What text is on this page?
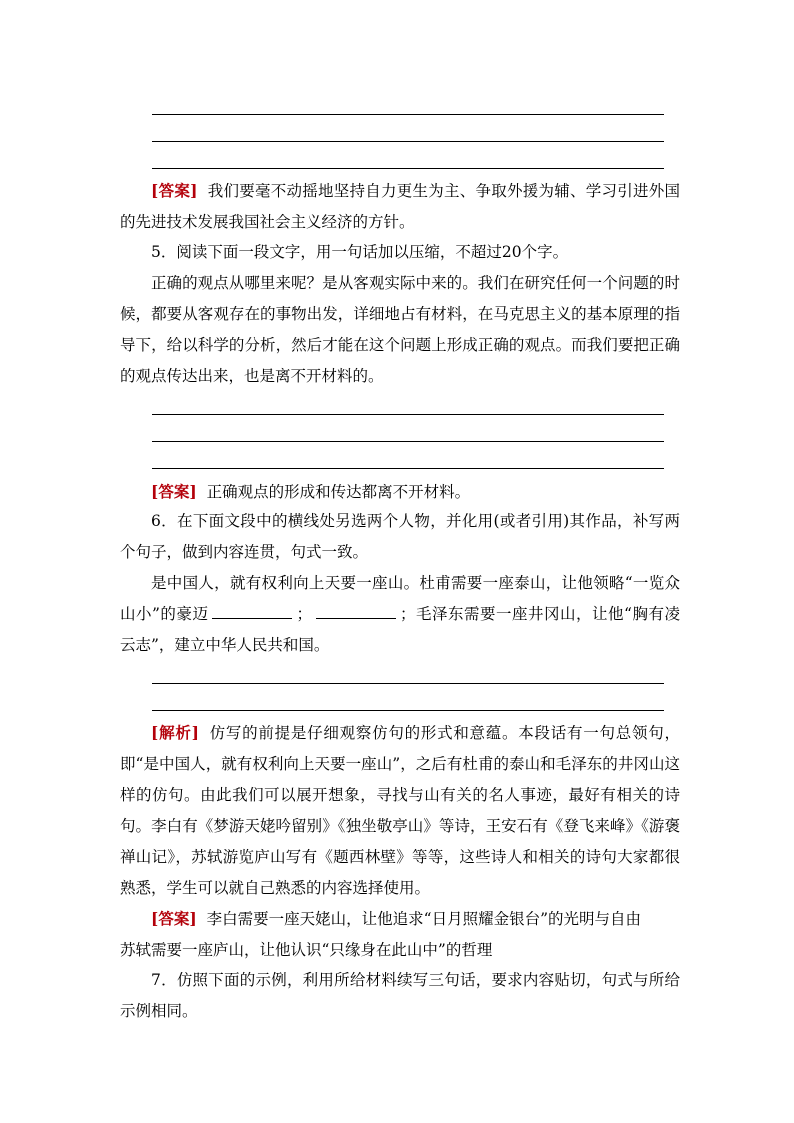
[答案] 我们要毫不动摇地坚持自力更生为主、争取外援为辅、学习引进外国的先进技术发展我国社会主义经济的方针。

5．阅读下面一段文字，用一句话加以压缩，不超过20个字。

正确的观点从哪里来呢？是从客观实际中来的。我们在研究任何一个问题的时候，都要从客观存在的事物出发，详细地占有材料，在马克思主义的基本原理的指导下，给以科学的分析，然后才能在这个问题上形成正确的观点。而我们要把正确的观点传达出来，也是离不开材料的。

[答案] 正确观点的形成和传达都离不开材料。

6．在下面文段中的横线处另选两个人物，并化用(或者引用)其作品，补写两个句子，做到内容连贯，句式一致。

是中国人，就有权利向上天要一座山。杜甫需要一座泰山，让他领略“一览众山小”的豪迈	；	；毛泽东需要一座井冈山，让他“胸有凌云志”，建立中华人民共和国。

[解析] 仿写的前提是仔细观察仿句的形式和意蕴。本段话有一句总领句，即“是中国人，就有权利向上天要一座山”，之后有杜甫的泰山和毛泽东的井冈山这样的仿句。由此我们可以展开想象，寻找与山有关的名人事迹，最好有相关的诗句。李白有《梦游天姥吟留别》《独坐敬亭山》等诗，王安石有《登飞来峰》《游褒禅山记》，苏轼游览庐山写有《题西林壁》等等，这些诗人和相关的诗句大家都很熟悉，学生可以就自己熟悉的内容选择使用。

[答案] 李白需要一座天姥山，让他追求“日月照耀金银台”的光明与自由
苏轼需要一座庐山，让他认识“只缘身在此山中”的哲理

7．仿照下面的示例，利用所给材料续写三句话，要求内容贴切，句式与所给示例相同。
